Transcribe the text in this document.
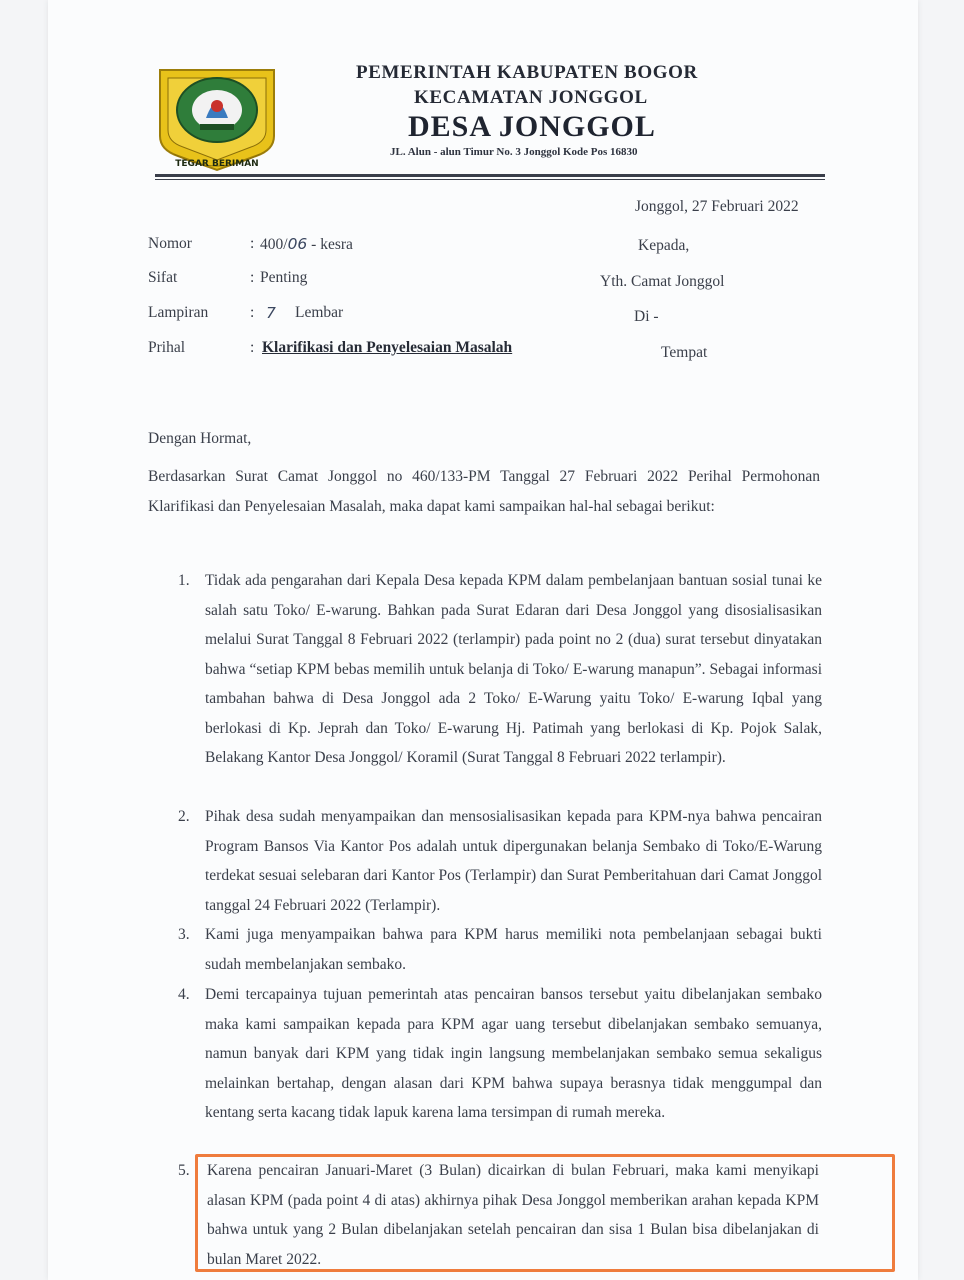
TEGAR BERIMAN
PEMERINTAH KABUPATEN BOGOR
KECAMATAN JONGGOL
DESA JONGGOL
JL. Alun - alun Timur No. 3 Jonggol Kode Pos 16830
Jonggol, 27 Februari 2022
Nomor	: 400/06 - kesra
Sifat	: Penting
Lampiran	: 7 Lembar
Prihal	: Klarifikasi dan Penyelesaian Masalah
Kepada,
Yth. Camat Jonggol
Di -
Tempat
Dengan Hormat,
Berdasarkan Surat Camat Jonggol no 460/133-PM Tanggal 27 Februari 2022 Perihal Permohonan Klarifikasi dan Penyelesaian Masalah, maka dapat kami sampaikan hal-hal sebagai berikut:
1. Tidak ada pengarahan dari Kepala Desa kepada KPM dalam pembelanjaan bantuan sosial tunai ke salah satu Toko/ E-warung. Bahkan pada Surat Edaran dari Desa Jonggol yang disosialisasikan melalui Surat Tanggal 8 Februari 2022 (terlampir) pada point no 2 (dua) surat tersebut dinyatakan bahwa “setiap KPM bebas memilih untuk belanja di Toko/ E-warung manapun”. Sebagai informasi tambahan bahwa di Desa Jonggol ada 2 Toko/ E-Warung yaitu Toko/ E-warung Iqbal yang berlokasi di Kp. Jeprah dan Toko/ E-warung Hj. Patimah yang berlokasi di Kp. Pojok Salak, Belakang Kantor Desa Jonggol/ Koramil (Surat Tanggal 8 Februari 2022 terlampir).
2. Pihak desa sudah menyampaikan dan mensosialisasikan kepada para KPM-nya bahwa pencairan Program Bansos Via Kantor Pos adalah untuk dipergunakan belanja Sembako di Toko/E-Warung terdekat sesuai selebaran dari Kantor Pos (Terlampir) dan Surat Pemberitahuan dari Camat Jonggol tanggal 24 Februari 2022 (Terlampir).
3. Kami juga menyampaikan bahwa para KPM harus memiliki nota pembelanjaan sebagai bukti sudah membelanjakan sembako.
4. Demi tercapainya tujuan pemerintah atas pencairan bansos tersebut yaitu dibelanjakan sembako maka kami sampaikan kepada para KPM agar uang tersebut dibelanjakan sembako semuanya, namun banyak dari KPM yang tidak ingin langsung membelanjakan sembako semua sekaligus melainkan bertahap, dengan alasan dari KPM bahwa supaya berasnya tidak menggumpal dan kentang serta kacang tidak lapuk karena lama tersimpan di rumah mereka.
5.	Karena pencairan Januari-Maret (3 Bulan) dicairkan di bulan Februari, maka kami menyikapi alasan KPM (pada point 4 di atas) akhirnya pihak Desa Jonggol memberikan arahan kepada KPM bahwa untuk yang 2 Bulan dibelanjakan setelah pencairan dan sisa 1 Bulan bisa dibelanjakan di bulan Maret 2022.
